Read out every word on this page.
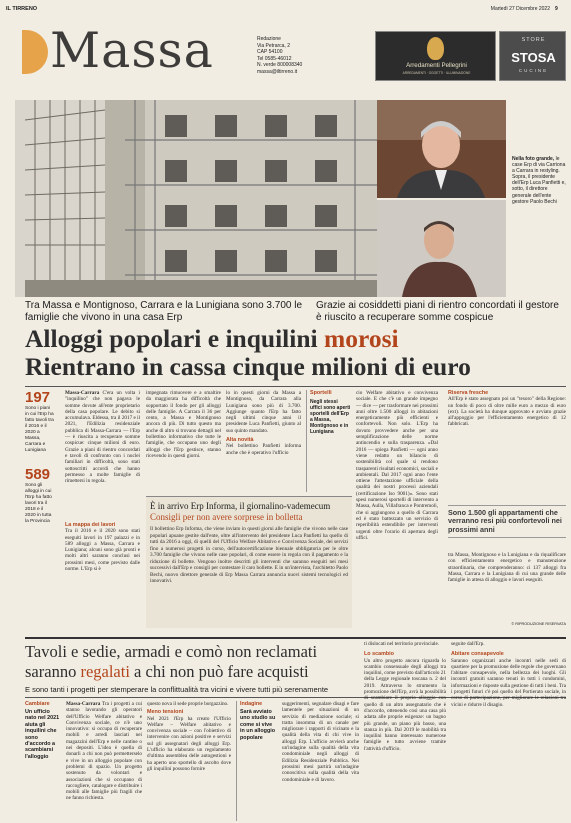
IL TIRRENO	Martedì 27 Dicembre 2022 9
Massa	Redazione
Via Petrarca, 2
CAP 54100
Tel 0585-46012
N. verde 800008340
massa@iltirreno.it
Arredamenti Pellegrini
ARREDAMENTI · OGGETTI · ILLUMINAZIONE
STORE
STOSA
CUCINE
Nella foto grande, le case Erp di via Carriona a Carrara in restyling. Sopra, il presidente dell'Erp Luca Panfietti e, sotto, il direttore generale dell'ente gestore Paolo Bechi
Tra Massa e Montignoso, Carrara e la Lunigiana sono 3.700 le famiglie che vivono in una casa Erp
Grazie ai cosiddetti piani di rientro concordati il gestore è riuscito a recuperare somme cospicue
Alloggi popolari e inquilini morosi
Rientrano in cassa cinque milioni di euro
197
Sono i piani in cui l'Erp ha fatto tavoli tra il 2016 e il 2020 a Massa, Carrara e Lunigiana
589
Sono gli alloggi in cui l'Erp ha fatto lavori tra il 2018 e il 2020 in tutta la Provincia

Massa-Carrara C'era un volta i "inquilino" che non pagava le somme dovute all'ente proprietario della casa popolare. Le debito si accumulava. Eldessa, tra il 2017 e il 2021, l'Edilizia residenziale pubblica di Massa-Carrara — l'Erp — è riuscita a recuperare somme cospicue: cinque milioni di euro. Grazie a piani di rientro concordati e tavoli di confronto con i nuclei familiari in difficoltà, sono stati sottoscritti accordi che hanno permesso a molte famiglie di rimettersi in regola.

La mappa dei lavori

Tra il 2016 e il 2020 sono stati eseguiti lavori in 197 palazzi e in 589 alloggi a Massa, Carrara e Lunigiana; alcuni sono già pronti e molti altri saranno conclusi nei prossimi mesi, come previsto dalle norme. L'Erp sì è

impegnata rimuovere e a smaltire da maggiorata ha difficoltà che sopportato il fondo per gli alloggi delle famiglie. A Carrara il 36 per cento, a Massa e Montignoso ancora di più. Di tutto questo ma anche di altro si trovano dettagli nel bollettino informativo che tutte le famiglie, che occupano uno degli alloggi che l'Erp gestisce, stanno ricevendo in questi giorni.

lo in questi giorni da Massa a Montignoso, da Carrara alla Lunigiana sono più di 3.700. Aggiunge quanto l'Erp ha fatto negli ultimi cinque anni il presidente Luca Panfietti, giunto al suo quinto mandato.

Alta novità

Nel bollettino Panfietti informa anche che è operativo l'ufficio

Sportelli
Negli stessi uffici sono aperti sportelli dell'Erp a Massa, Montignoso e in Lunigiana

cio Welfare abitativo e convivenza sociale. E che c'è un grande impegno — dice — per trasformare nei prossimi anni oltre 1.500 alloggi in abitazioni energeticamente più efficienti e confortevoli. Non solo. L'Erp ha dovuto provvedere anche per una semplificazione delle norme antincendio e sulla trasparenza. «Dal 2016 — spiega Panfietti — ogni anno viene redatto un bilancio di sostenibilità col quale si rendono trasparenti risultati economici, sociali e ambientali. Dal 2017 ogni anno l'ente ottiene l'attestazione ufficiale della qualità dei nostri processi aziendali (certificazione Iso 9001)». Sono stati spesi numerosi sportelli di intervento a Massa, Aulla, Villafranca e Pontremoli, che si aggiungono a quello di Carrara ed è stato battezzato un servizio di reperibilità estendibile per interventi urgenti oltre l'orario di apertura degli uffici.

Riserva fresche

All'Erp è stato assegnato poi un "tesoro" della Regione: un fondo di poco di oltre mille euro a mezzo di euro (ext). La società ha dunque approvato e avviato grazie all'appoggio per l'efficientamento energetico di 12 fabbricati.

Sono 1.500 gli appartamenti che verranno resi più confortevoli nei prossimi anni

tra Massa, Montignoso e la Lunigiana e da riqualificare con efficientamento energetico e manutenzione straordinaria, che comprenderanno: ci 137 alloggi fra Massa, Carrara e la Lunigiana di cui una grande delle famiglie in attesa di alloggio e lavori eseguiti.

© RIPRODUZIONE RISERVATA
È in arrivo Erp Informa, il giornalino-vademecum
Consigli per non avere sorprese in bolletta
Il bollettino Erp Informa, che viene inviato in questi giorni alle famiglie che vivono nelle case popolari apuane gestite dall'ente, oltre all'intervento del presidente Luca Panfietti ha quello di tutti da 2016 a oggi, di quelli del l'Ufficio Welfare Abitativo e Convivenza Sociale, dei servizi fino a numerosi progetti in corso, dell'autocertificazione biennale obbligatoria per le oltre 3.700 famiglie che vivono nelle case popolari, di come essere in regola con il pagamento e la riduzione di bollette. Vengono inoltre descritti gli interventi che saranno eseguiti nei mesi successivi dall'Erp e consigli per contestare il caro bollette. E in un'intervista, l'architetto Paolo Bechi, nuovo direttore generale di Erp Massa Carrara annuncia nuovi sistemi tecnologici ed innovativi.
Tavoli e sedie, armadi e comò non reclamati
saranno regalati a chi non può fare acquisti
E sono tanti i progetti per stemperare la conflittualità tra vicini e vivere tutti più serenamente
Cambiare
Un ufficio nato nel 2021 aiuta gli inquilini che sono d'accordo a scambiarsi l'alloggio

Massa-Carrara Tra i progetti a cui stanno lavorando gli operatori dell'Ufficio Welfare abitativo e Convivenza sociale, ce n'è uno innovativo: si occupa di recuperare mobili e arredi lasciati nei magazzini dell'Erp e nelle cantine o nei depositi. L'idea è quella di donarli a chi non può permetterselo e vive in un alloggio popolare con problemi di spazio. Un progetto sostenuto da volontari e associazioni che si occupano di raccogliere, catalogare e distribuire i mobili alle famiglie più fragili che ne fanno richiesta.

questo nova il sede proprie borgazzino.

Meno tensioni

Nel 2021 l'Erp ha creato l'Ufficio Welfare – Welfare abitativo e convivenza sociale – con l'obiettivo di intervenire con azioni positive e servizi sul gli assegnatari degli alloggi Erp. L'ufficio ha elaborato un regolamento d'ultima assemblea delle autogestioni e ha aperto uno sportello di ascolto dove gli inquilini possono fornire

Indagine
Sarà avviato uno studio su come si vive in un alloggio popolare

suggerimenti, segnalare disagi e fare lamentele per situazioni di un servizio di mediazione sociale; si tratta insomma di un canale per migliorare i rapporti di vicinato e la qualità della vita di chi vive in alloggi Erp. L'ufficio avvierà anche un'indagine sulla qualità della vita condominiale negli alloggi di Edilizia Residenziale Pubblica. Nei prossimi mesi partirà un'indagine conoscitiva sulla qualità della vita condominiale e di lavoro.

ti dislocati nel territorio provinciale.

Lo scambio

Un altro progetto ancora riguarda lo scambio consensuale degli alloggi tra inquilini, come previsto dall'articolo 21 della Legge regionale toscana n. 2 del 2019. Attraverso lo strumento la promozione dell'Erp, avrà la possibilità di scambiare il proprio alloggio con quello di un altro assegnatario che è d'accordo, ottenendo così una casa più adatta alle proprie esigenze: un bagno più grande, un piano più basso, una stanza in più. Dal 2019 le mobilità tra inquilini hanno interessato numerose famiglie e tutto avviene tramite l'attività d'ufficio.

seguite dall'Erp.

Abitare consapevole

Saranno organizzati anche incontri nelle sedi di quartiere per la promozione delle regole che governano l'abitare consapevole, nella bellezza dei luoghi. Gli incontri gratuiti saranno tenuti in tutti i condomini, informazioni e risposte sulla gestione di tutti i beni. Tra i progetti futuri c'è poi quello del Portierato sociale, in corso di partecipazione, per migliorare le relazioni tra vicini e ridurre il disagio.
